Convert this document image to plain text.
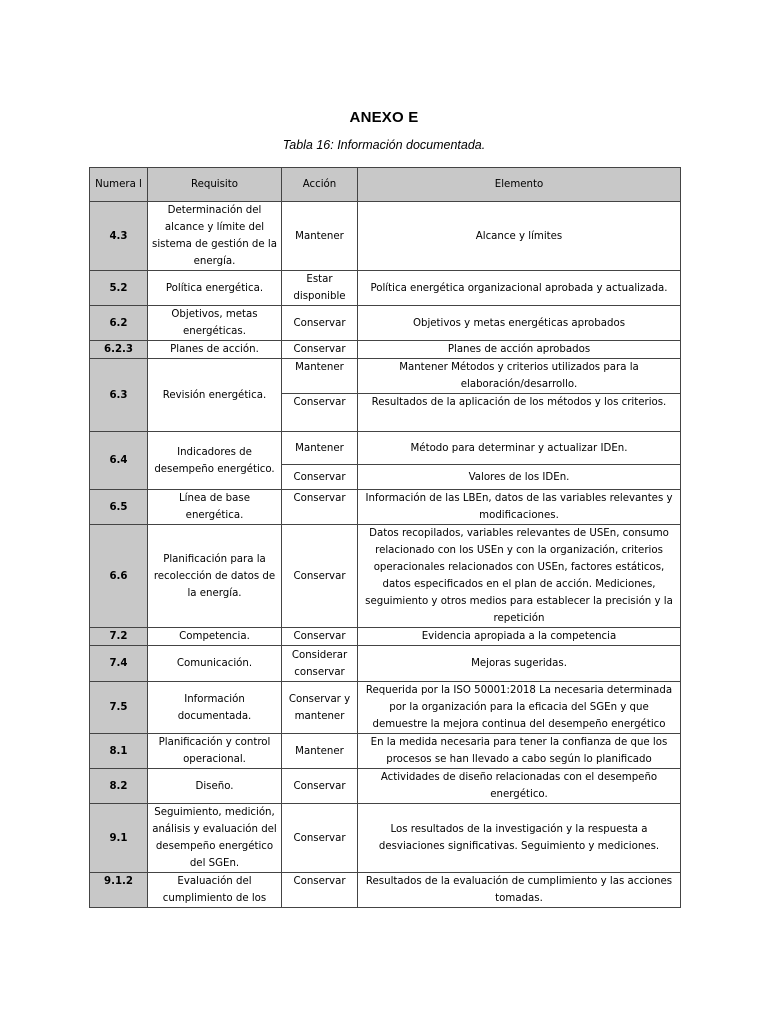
ANEXO E
Tabla 16: Información documentada.
Numera l	Requisito	Acción	Elemento
4.3	Determinación del alcance y límite del sistema de gestión de la energía.	Mantener	Alcance y límites
5.2	Política energética.	Estar disponible	Política energética organizacional aprobada y actualizada.
6.2	Objetivos, metas energéticas.	Conservar	Objetivos y metas energéticas aprobados
6.2.3	Planes de acción.	Conservar	Planes de acción aprobados
6.3	Revisión energética.	Mantener	Mantener Métodos y criterios utilizados para la elaboración/desarrollo.
		Conservar	Resultados de la aplicación de los métodos y los criterios.
6.4	Indicadores de desempeño energético.	Mantener	Método para determinar y actualizar IDEn.
		Conservar	Valores de los IDEn.
6.5	Línea de base energética.	Conservar	Información de las LBEn, datos de las variables relevantes y modificaciones.
6.6	Planificación para la recolección de datos de la energía.	Conservar	Datos recopilados, variables relevantes de USEn, consumo relacionado con los USEn y con la organización, criterios operacionales relacionados con USEn, factores estáticos, datos especificados en el plan de acción. Mediciones, seguimiento y otros medios para establecer la precisión y la repetición
7.2	Competencia.	Conservar	Evidencia apropiada a la competencia
7.4	Comunicación.	Considerar conservar	Mejoras sugeridas.
7.5	Información documentada.	Conservar y mantener	Requerida por la ISO 50001:2018 La necesaria determinada por la organización para la eficacia del SGEn y que demuestre la mejora continua del desempeño energético
8.1	Planificación y control operacional.	Mantener	En la medida necesaria para tener la confianza de que los procesos se han llevado a cabo según lo planificado
8.2	Diseño.	Conservar	Actividades de diseño relacionadas con el desempeño energético.
9.1	Seguimiento, medición, análisis y evaluación del desempeño energético del SGEn.	Conservar	Los resultados de la investigación y la respuesta a desviaciones significativas. Seguimiento y mediciones.
9.1.2	Evaluación del cumplimiento de los	Conservar	Resultados de la evaluación de cumplimiento y las acciones tomadas.
